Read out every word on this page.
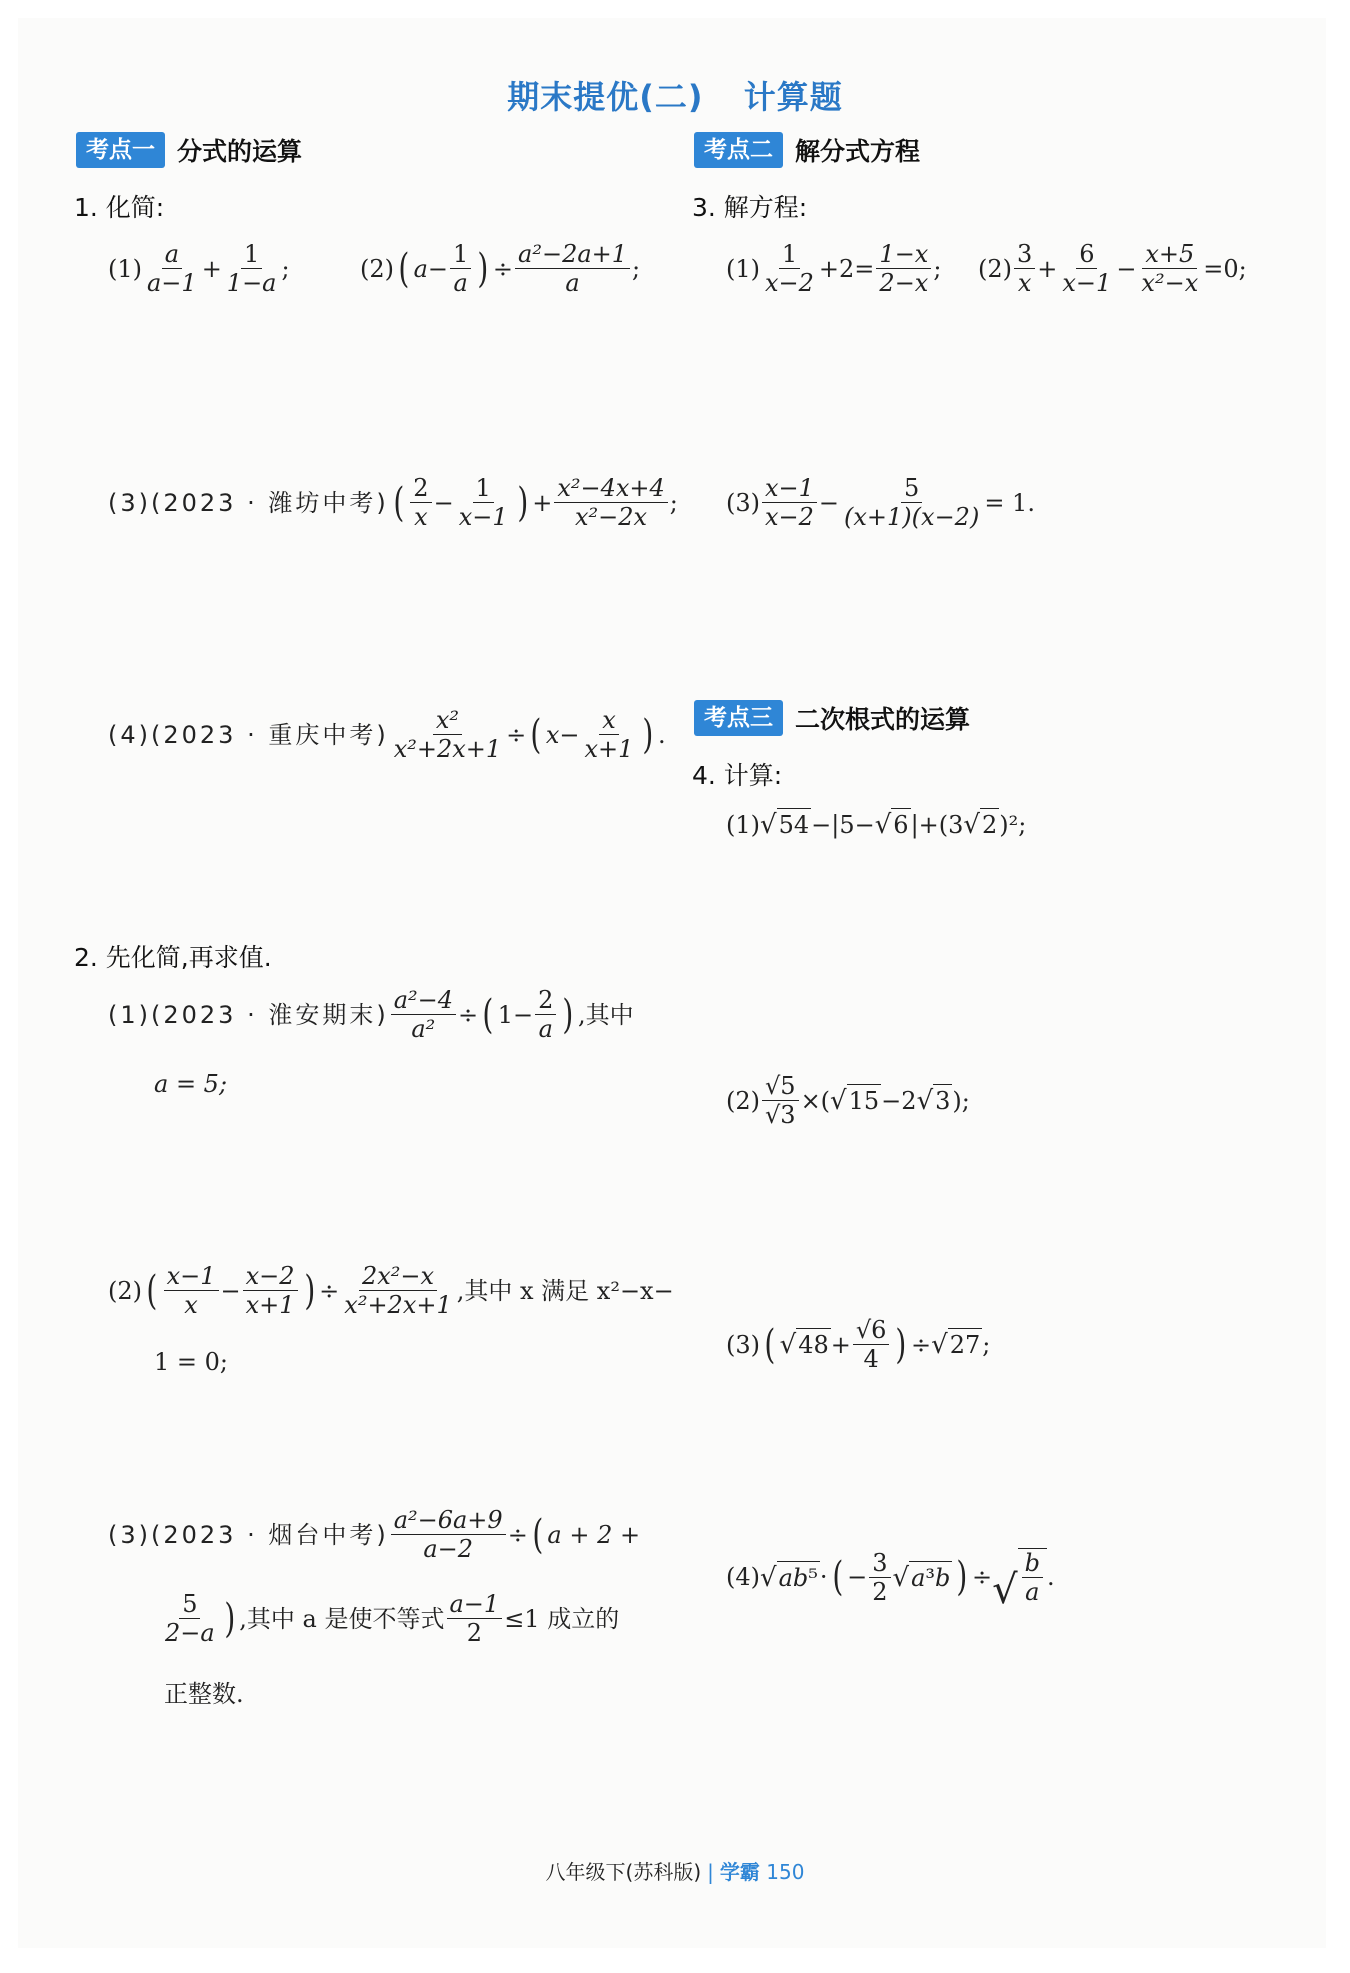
期末提优(二) 计算题
考点一 分式的运算
1. 化简:
$(1) \frac{a}{a-1} + \frac{1}{1-a}$ ;	(2) ( $a - \frac{1}{a}$ ) ÷ $\frac{\text{a²−2a+1}}{a}$ ;
(3)(2023 · 潍坊中考) ( $\frac{2}{x} - \frac{1}{x-1}$ ) + $\frac{\text{x²−4x+4}}{\text{x²−2x}}$ ;
(4)(2023 · 重庆中考) $\frac{\text{x²}}{\text{x²+2x+1}}$ ÷ ( $x - \frac{x}{x+1}$ ) .
2. 先化简,再求值.
(1)(2023 · 淮安期末) $\frac{\text{a²−4}}{\text{a²}}$ ÷ ( $1- \frac{2}{a}$ ) ,其中
a = 5;
(2) ( $\frac{x-1}{x} - \frac{x-2}{x+1}$ ) ÷ $\frac{\text{2x²−x}}{\text{x²+2x+1}}$ ,其中 x 满足 x²−x−
1 = 0;
(3)(2023 · 烟台中考) $\frac{\text{a²−6a+9}}{a-2}$ ÷ ( a + 2 +
$\frac{5}{2-a}$ ) ,其中 a 是使不等式 $\frac{a-1}{2} \le 1$ 成立的
正整数.
考点二 解分式方程
3. 解方程:
$(1) \frac{1}{x-2} +2= \frac{1-x}{2-x}$ ; $(2) \frac{3}{x} + \frac{6}{x-1} - \frac{x+5}{\text{x²−x}} =0$;
$(3) \frac{x-1}{x-2} - \frac{5}{(x+1)(x-2)} = 1$.
考点三 二次根式的运算
4. 计算:
(1) √ 54 −|5− √ 6 |+(3 √ 2 )²;
$(2) \frac{√5}{√3}$ ×( √ 15 −2 √ 3 );
(3) ( √ $48 + \frac{√6}{4}$ ) ÷ √ 27 ;
(4) √ ab⁵ · ( − $\frac{3}{2}$ √ a³b ) ÷ √ $\frac{b}{a}$ .
八年级下(苏科版) | 学霸 150
